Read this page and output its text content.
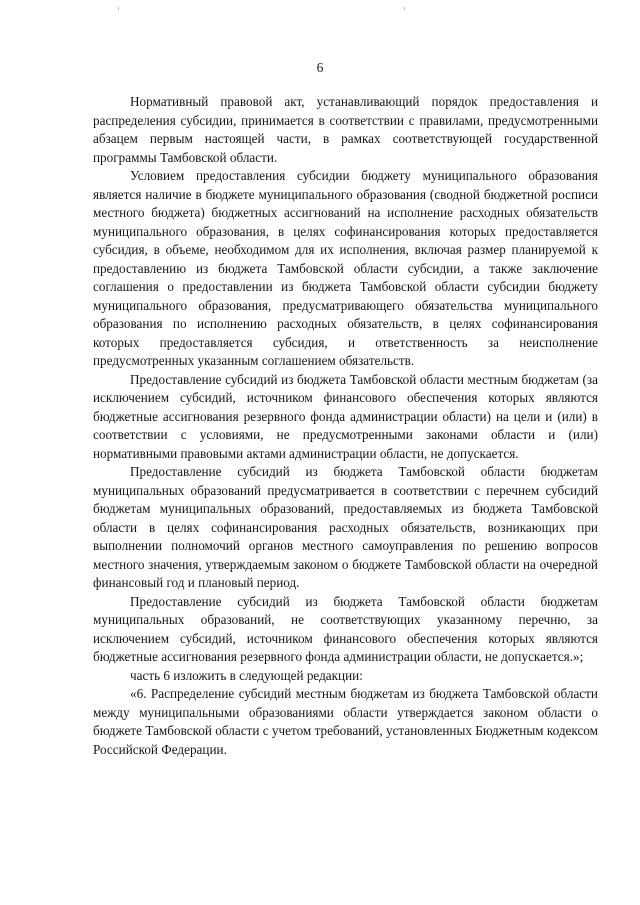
6

Нормативный правовой акт, устанавливающий порядок предоставления и распределения субсидии, принимается в соответствии с правилами, предусмотренными абзацем первым настоящей части, в рамках соответствующей государственной программы Тамбовской области.

Условием предоставления субсидии бюджету муниципального образования является наличие в бюджете муниципального образования (сводной бюджетной росписи местного бюджета) бюджетных ассигнований на исполнение расходных обязательств муниципального образования, в целях софинансирования которых предоставляется субсидия, в объеме, необходимом для их исполнения, включая размер планируемой к предоставлению из бюджета Тамбовской области субсидии, а также заключение соглашения о предоставлении из бюджета Тамбовской области субсидии бюджету муниципального образования, предусматривающего обязательства муниципального образования по исполнению расходных обязательств, в целях софинансирования которых предоставляется субсидия, и ответственность за неисполнение предусмотренных указанным соглашением обязательств.

Предоставление субсидий из бюджета Тамбовской области местным бюджетам (за исключением субсидий, источником финансового обеспечения которых являются бюджетные ассигнования резервного фонда администрации области) на цели и (или) в соответствии с условиями, не предусмотренными законами области и (или) нормативными правовыми актами администрации области, не допускается.

Предоставление субсидий из бюджета Тамбовской области бюджетам муниципальных образований предусматривается в соответствии с перечнем субсидий бюджетам муниципальных образований, предоставляемых из бюджета Тамбовской области в целях софинансирования расходных обязательств, возникающих при выполнении полномочий органов местного самоуправления по решению вопросов местного значения, утверждаемым законом о бюджете Тамбовской области на очередной финансовый год и плановый период.

Предоставление субсидий из бюджета Тамбовской области бюджетам муниципальных образований, не соответствующих указанному перечню, за исключением субсидий, источником финансового обеспечения которых являются бюджетные ассигнования резервного фонда администрации области, не допускается.»;

часть 6 изложить в следующей редакции:

«6. Распределение субсидий местным бюджетам из бюджета Тамбовской области между муниципальными образованиями области утверждается законом области о бюджете Тамбовской области с учетом требований, установленных Бюджетным кодексом Российской Федерации.
